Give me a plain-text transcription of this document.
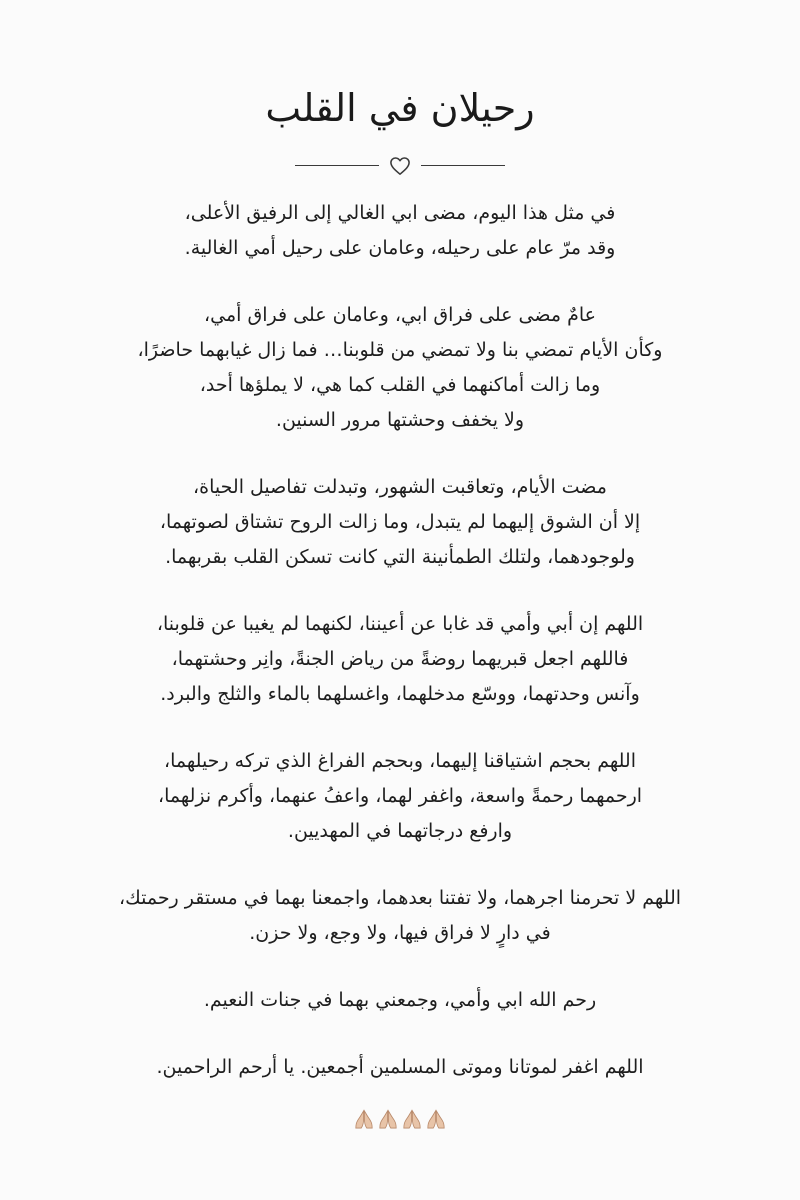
رحيلان في القلب
في مثل هذا اليوم، مضى ابي الغالي إلى الرفيق الأعلى،
وقد مرّ عام على رحيله، وعامان على رحيل أمي الغالية.
عامٌ مضى على فراق ابي، وعامان على فراق أمي،
وكأن الأيام تمضي بنا ولا تمضي من قلوبنا… فما زال غيابهما حاضرًا،
وما زالت أماكنهما في القلب كما هي، لا يملؤها أحد،
ولا يخفف وحشتها مرور السنين.
مضت الأيام، وتعاقبت الشهور، وتبدلت تفاصيل الحياة،
إلا أن الشوق إليهما لم يتبدل، وما زالت الروح تشتاق لصوتهما،
ولوجودهما، ولتلك الطمأنينة التي كانت تسكن القلب بقربهما.
اللهم إن أبي وأمي قد غابا عن أعيننا، لكنهما لم يغيبا عن قلوبنا،
فاللهم اجعل قبريهما روضةً من رياض الجنةً، وانِر وحشتهما،
وآنس وحدتهما، ووسّع مدخلهما، واغسلهما بالماء والثلج والبرد.
اللهم بحجم اشتياقنا إليهما، وبحجم الفراغ الذي تركه رحيلهما،
ارحمهما رحمةً واسعة، واغفر لهما، واعفُ عنهما، وأكرم نزلهما،
وارفع درجاتهما في المهديين.
اللهم لا تحرمنا اجرهما، ولا تفتنا بعدهما، واجمعنا بهما في مستقر رحمتك،
في دارٍ لا فراق فيها، ولا وجع، ولا حزن.
رحم الله ابي وأمي، وجمعني بهما في جنات النعيم.
اللهم اغفر لموتانا وموتى المسلمين أجمعين. يا أرحم الراحمين.
